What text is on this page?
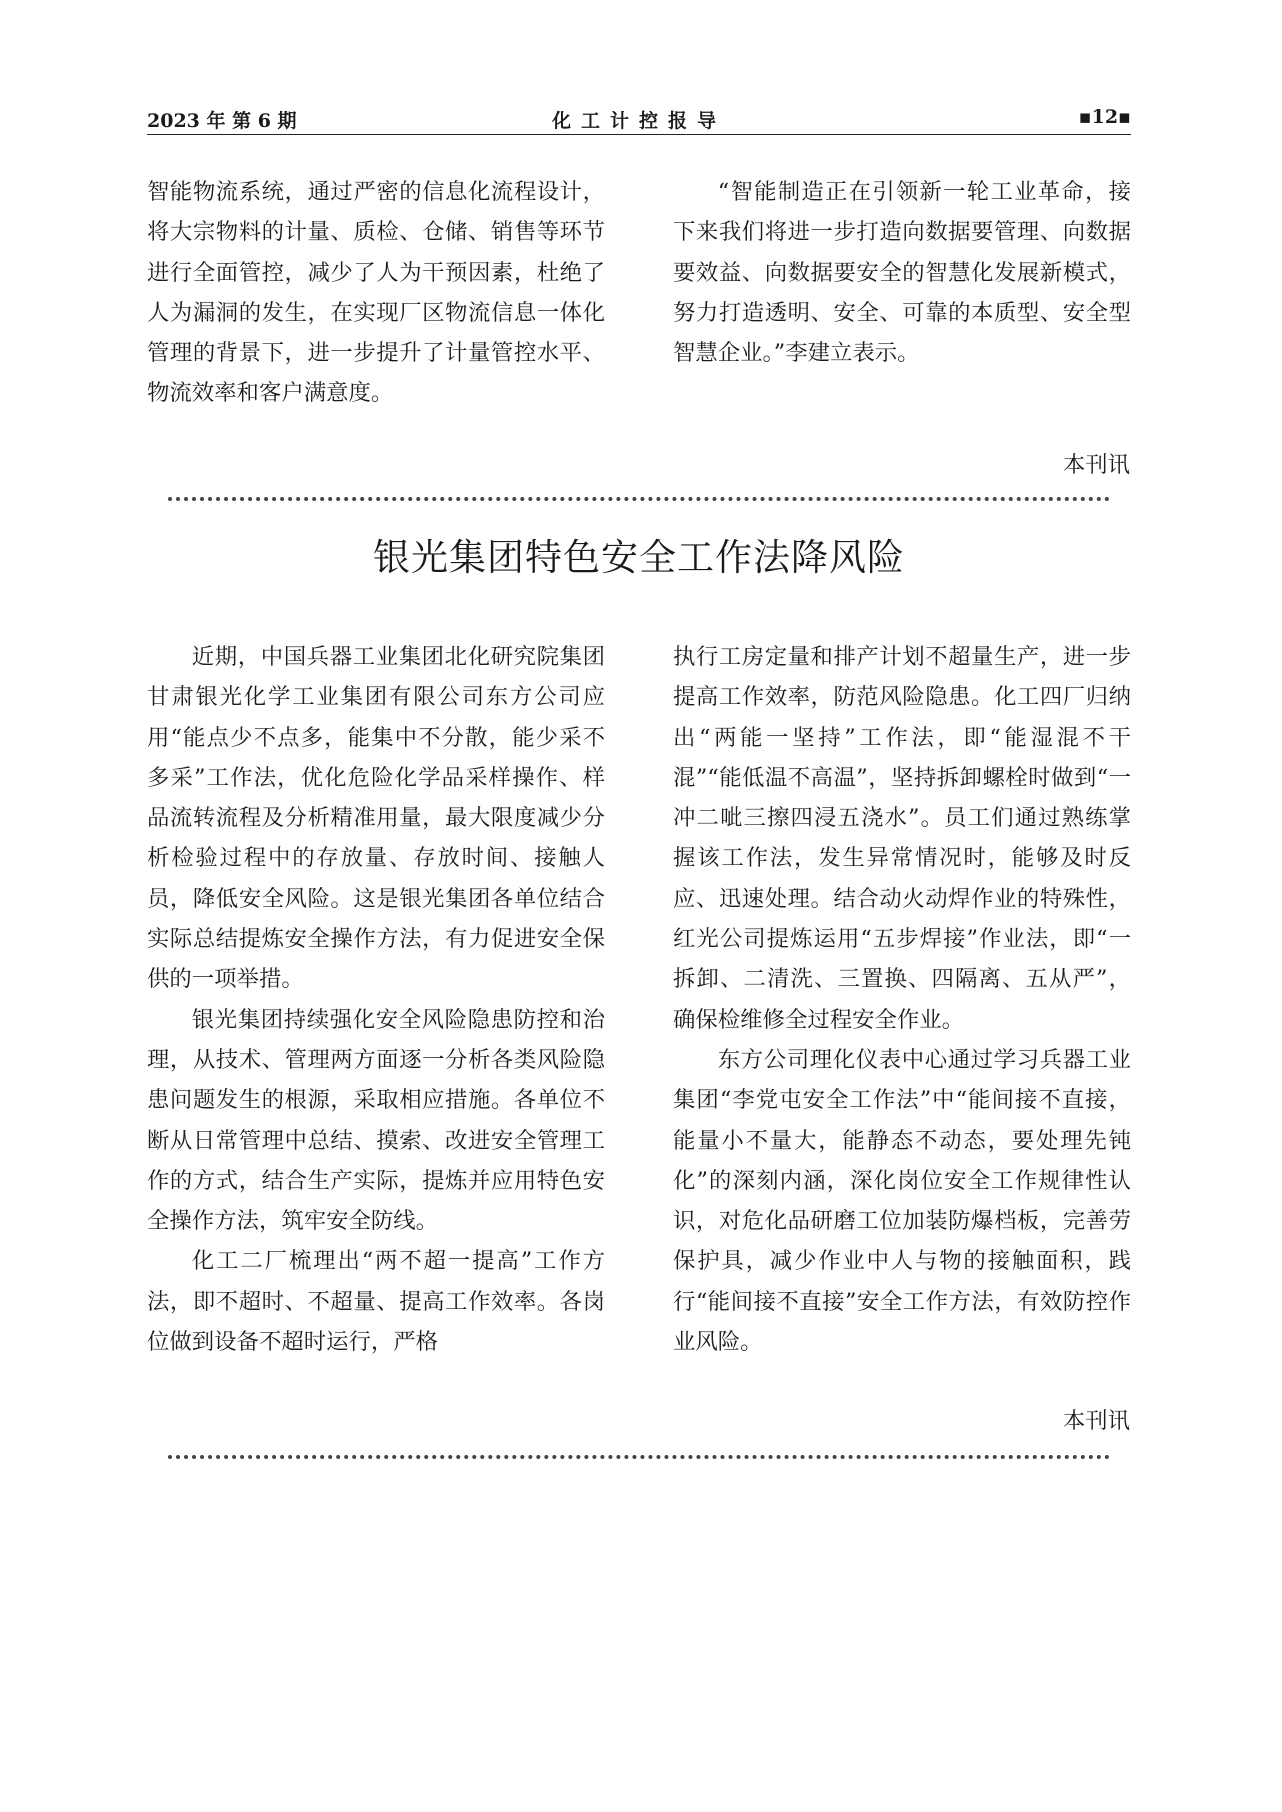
2023 年 第 6 期	化工计控报导	▪12▪

智能物流系统，通过严密的信息化流程设计，将大宗物料的计量、质检、仓储、销售等环节进行全面管控，减少了人为干预因素，杜绝了人为漏洞的发生，在实现厂区物流信息一体化管理的背景下，进一步提升了计量管控水平、物流效率和客户满意度。

“智能制造正在引领新一轮工业革命，接下来我们将进一步打造向数据要管理、向数据要效益、向数据要安全的智慧化发展新模式，努力打造透明、安全、可靠的本质型、安全型智慧企业。”李建立表示。

本刊讯
银光集团特色安全工作法降风险

近期，中国兵器工业集团北化研究院集团甘肃银光化学工业集团有限公司东方公司应用“能点少不点多，能集中不分散，能少采不多采”工作法，优化危险化学品采样操作、样品流转流程及分析精准用量，最大限度减少分析检验过程中的存放量、存放时间、接触人员，降低安全风险。这是银光集团各单位结合实际总结提炼安全操作方法，有力促进安全保供的一项举措。

银光集团持续强化安全风险隐患防控和治理，从技术、管理两方面逐一分析各类风险隐患问题发生的根源，采取相应措施。各单位不断从日常管理中总结、摸索、改进安全管理工作的方式，结合生产实际，提炼并应用特色安全操作方法，筑牢安全防线。

化工二厂梳理出“两不超一提高”工作方法，即不超时、不超量、提高工作效率。各岗位做到设备不超时运行，严格

执行工房定量和排产计划不超量生产，进一步提高工作效率，防范风险隐患。化工四厂归纳出“两能一坚持”工作法，即“能湿混不干混”“能低温不高温”，坚持拆卸螺栓时做到“一冲二呲三擦四浸五浇水”。员工们通过熟练掌握该工作法，发生异常情况时，能够及时反应、迅速处理。结合动火动焊作业的特殊性，红光公司提炼运用“五步焊接”作业法，即“一拆卸、二清洗、三置换、四隔离、五从严”，确保检维修全过程安全作业。

东方公司理化仪表中心通过学习兵器工业集团“李党屯安全工作法”中“能间接不直接，能量小不量大，能静态不动态，要处理先钝化”的深刻内涵，深化岗位安全工作规律性认识，对危化品研磨工位加装防爆档板，完善劳保护具，减少作业中人与物的接触面积，践行“能间接不直接”安全工作方法，有效防控作业风险。

本刊讯
